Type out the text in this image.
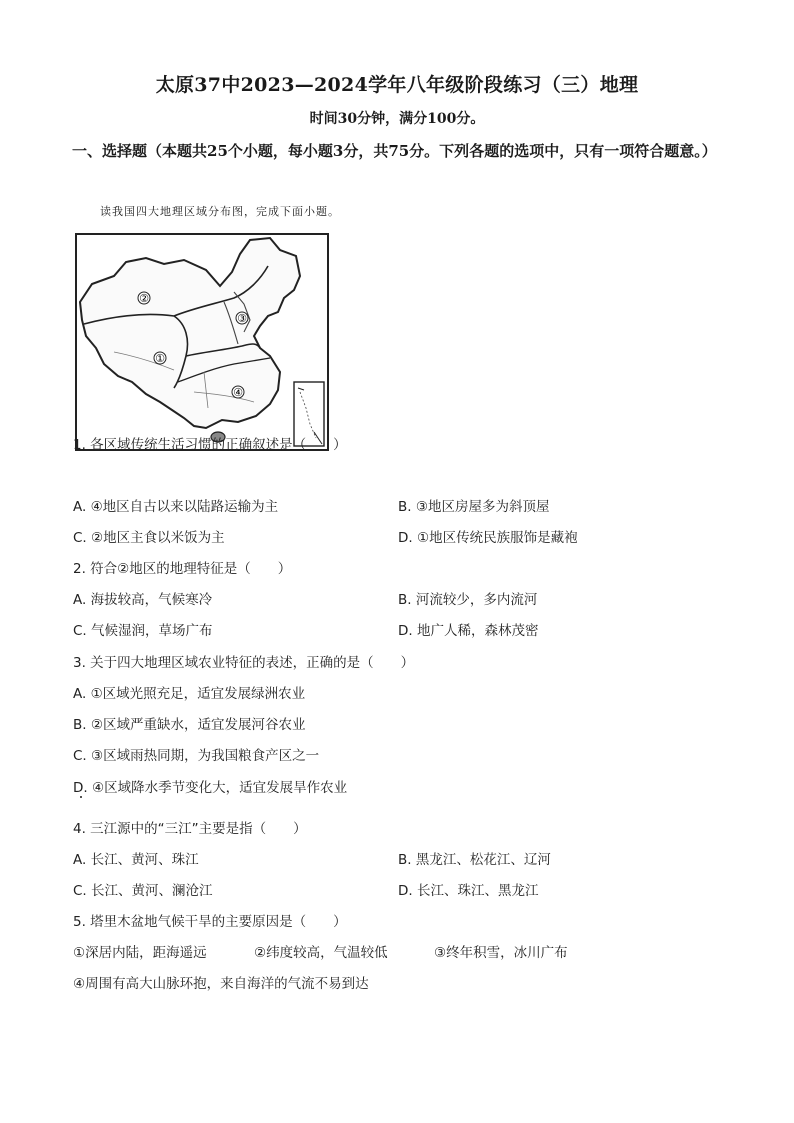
太原37中2023—2024学年八年级阶段练习（三）地理
时间30分钟，满分100分。
一、选择题（本题共25个小题，每小题3分，共75分。下列各题的选项中，只有一项符合题意。）
读我国四大地理区域分布图，完成下面小题。
②
③
①
④
1. 各区域传统生活习惯的正确叙述是（　　）
A. ④地区自古以来以陆路运输为主	B. ③地区房屋多为斜顶屋
C. ②地区主食以米饭为主	D. ①地区传统民族服饰是藏袍
2. 符合②地区的地理特征是（　　）
A. 海拔较高，气候寒冷	B. 河流较少，多内流河
C. 气候湿润，草场广布	D. 地广人稀，森林茂密
3. 关于四大地理区域农业特征的表述，正确的是（　　）
A. ①区域光照充足，适宜发展绿洲农业
B. ②区域严重缺水，适宜发展河谷农业
C. ③区域雨热同期，为我国粮食产区之一
D. ④区域降水季节变化大，适宜发展旱作农业
4. 三江源中的“三江”主要是指（　　）
A. 长江、黄河、珠江	B. 黑龙江、松花江、辽河
C. 长江、黄河、澜沧江	D. 长江、珠江、黑龙江
5. 塔里木盆地气候干旱的主要原因是（　　）
①深居内陆，距海遥远	②纬度较高，气温较低	③终年积雪，冰川广布
④周围有高大山脉环抱，来自海洋的气流不易到达
